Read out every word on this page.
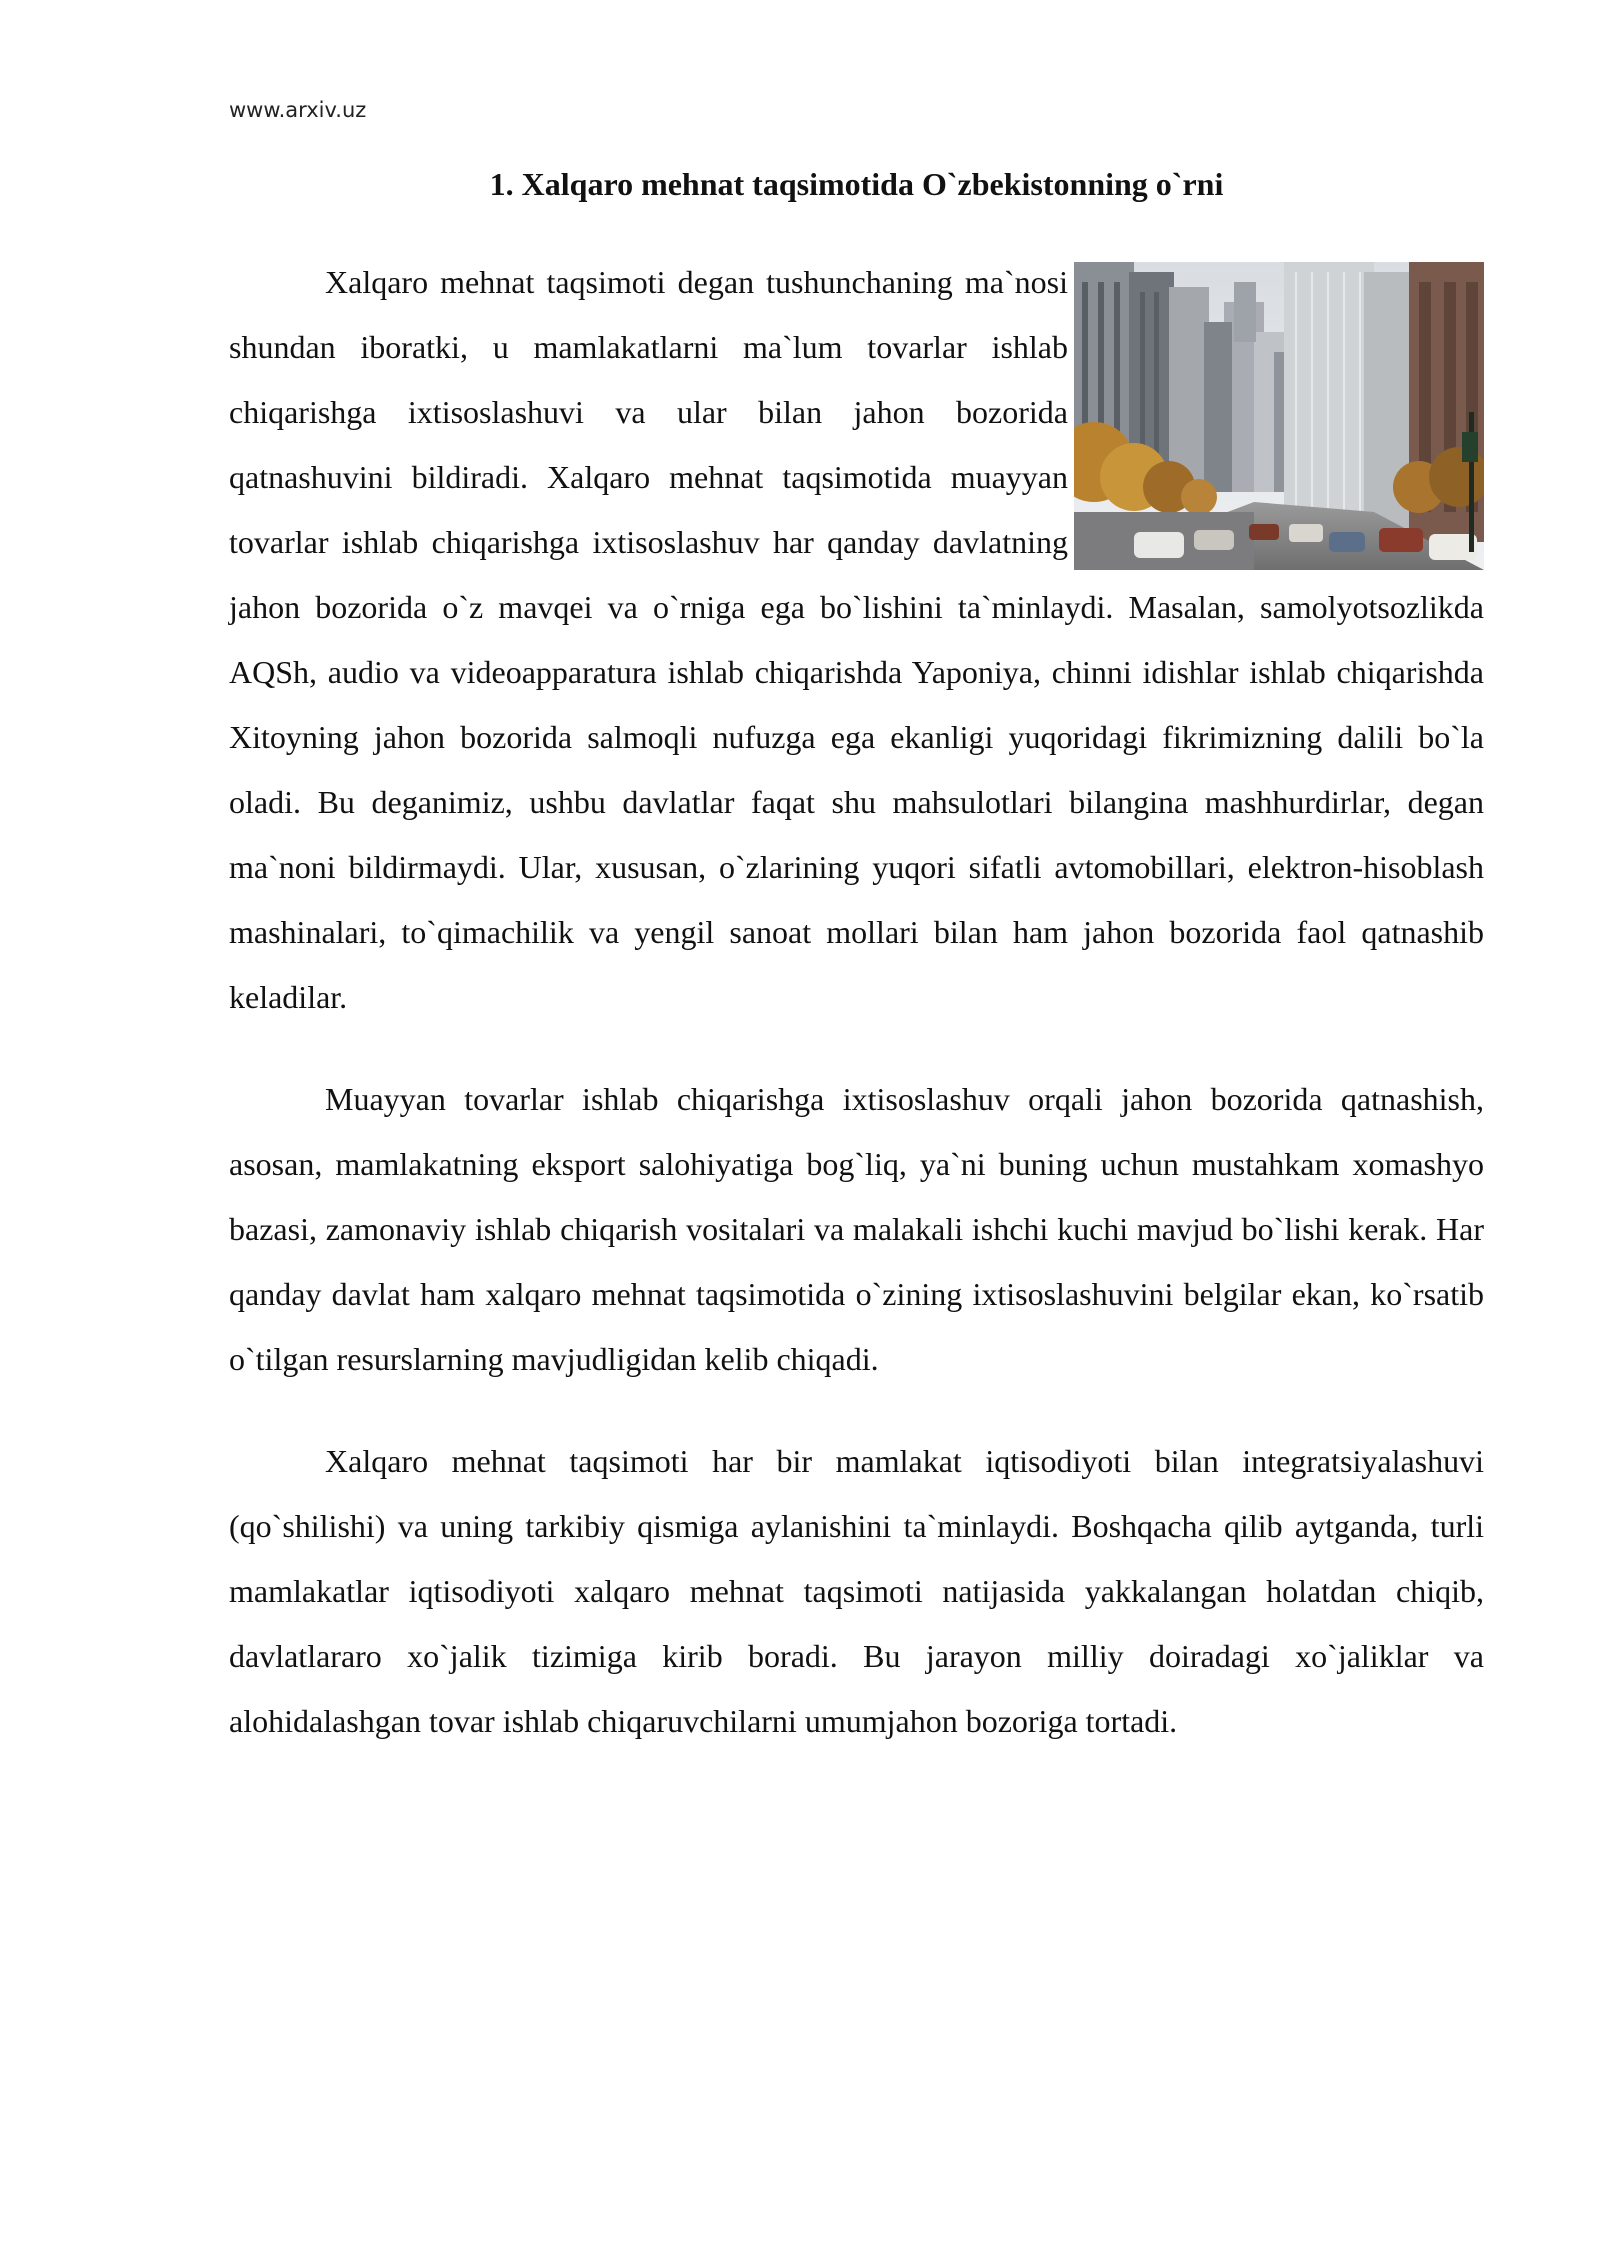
www.arxiv.uz
1. Xalqaro mehnat taqsimotida O`zbekistonning o`rni

Xalqaro mehnat taqsimoti degan tushunchaning ma`nosi shundan iboratki, u mamlakatlarni ma`lum tovarlar ishlab chiqarishga ixtisoslashuvi va ular bilan jahon bozorida qatnashuvini bildiradi. Xalqaro mehnat taqsimotida muayyan tovarlar ishlab chiqarishga ixtisoslashuv har qanday davlatning jahon bozorida o`z mavqei va o`rniga ega bo`lishini ta`minlaydi. Masalan, samolyotsozlikda AQSh, audio va videoapparatura ishlab chiqarishda Yaponiya, chinni idishlar ishlab chiqarishda Xitoyning jahon bozorida salmoqli nufuzga ega ekanligi yuqoridagi fikrimizning dalili bo`la oladi. Bu deganimiz, ushbu davlatlar faqat shu mahsulotlari bilangina mashhurdirlar, degan ma`noni bildirmaydi. Ular, xususan, o`zlarining yuqori sifatli avtomobillari, elektron-hisoblash mashinalari, to`qimachilik va yengil sanoat mollari bilan ham jahon bozorida faol qatnashib keladilar.

Muayyan tovarlar ishlab chiqarishga ixtisoslashuv orqali jahon bozorida qatnashish, asosan, mamlakatning eksport salohiyatiga bog`liq, ya`ni buning uchun mustahkam xomashyo bazasi, zamonaviy ishlab chiqarish vositalari va malakali ishchi kuchi mavjud bo`lishi kerak. Har qanday davlat ham xalqaro mehnat taqsimotida o`zining ixtisoslashuvini belgilar ekan, ko`rsatib o`tilgan resurslarning mavjudligidan kelib chiqadi.

Xalqaro mehnat taqsimoti har bir mamlakat iqtisodiyoti bilan integratsiyalashuvi (qo`shilishi) va uning tarkibiy qismiga aylanishini ta`minlaydi. Boshqacha qilib aytganda, turli mamlakatlar iqtisodiyoti xalqaro mehnat taqsimoti natijasida yakkalangan holatdan chiqib, davlatlararo xo`jalik tizimiga kirib boradi. Bu jarayon milliy doiradagi xo`jaliklar va alohidalashgan tovar ishlab chiqaruvchilarni umumjahon bozoriga tortadi.
